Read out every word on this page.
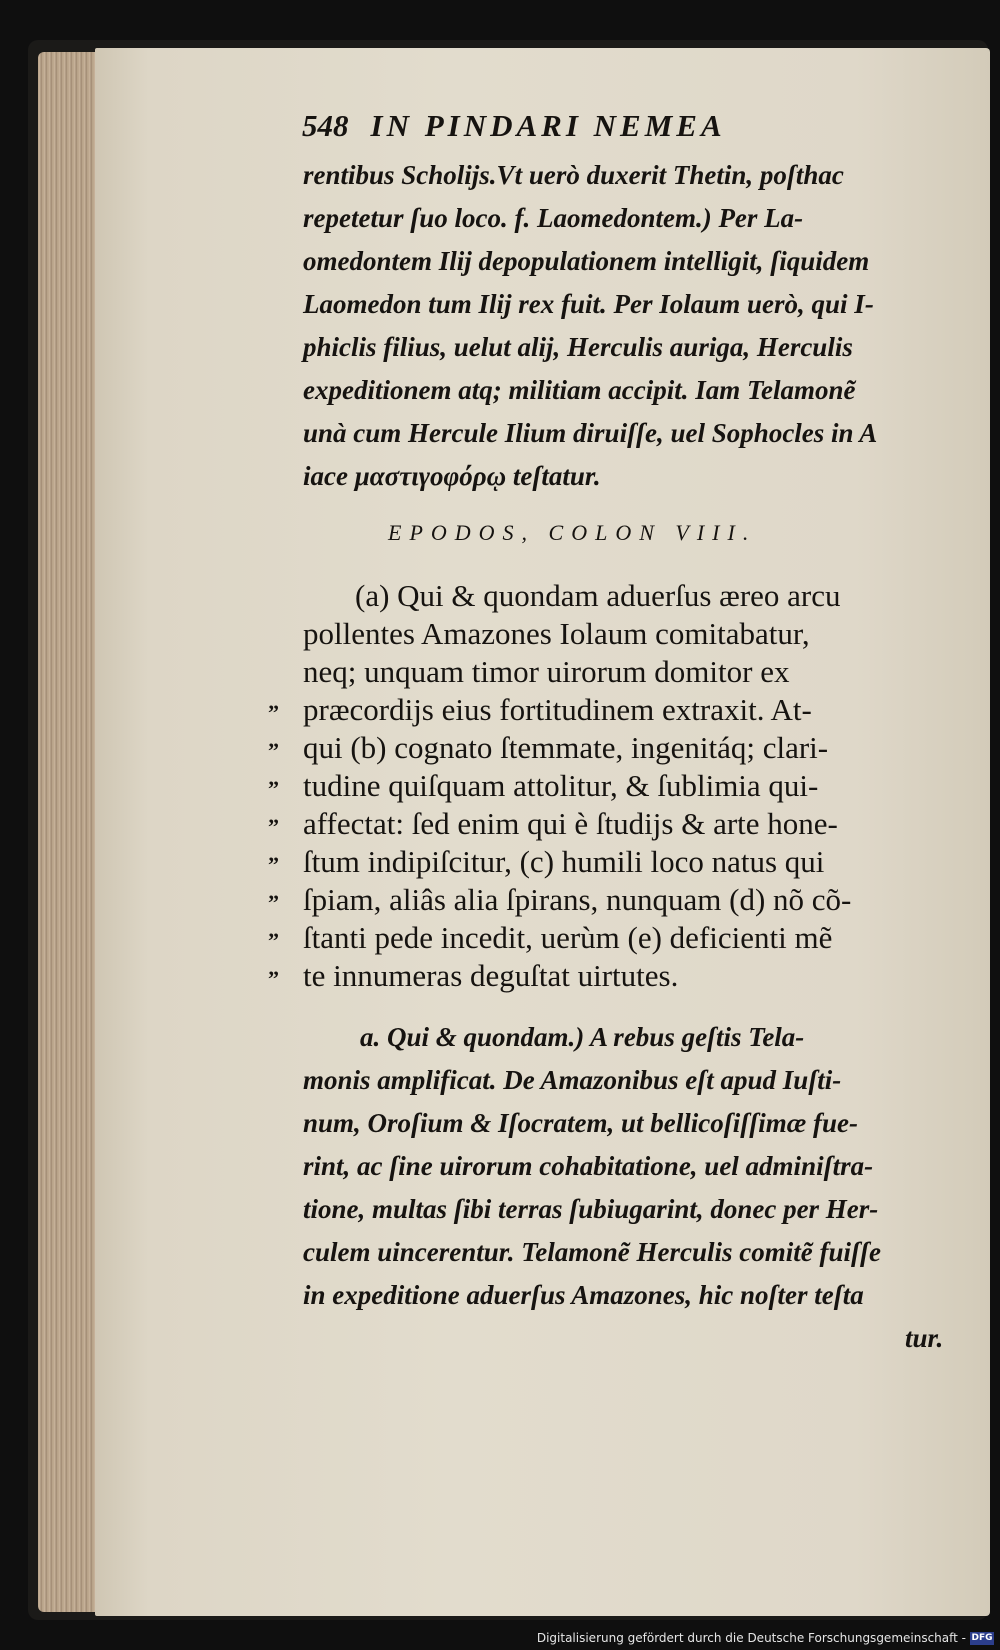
548 IN PINDARI NEMEA
rentibus Scholijs.Vt uerò duxerit Thetin, poſthac
repetetur ſuo loco. f. Laomedontem.) Per La-
omedontem Ilij depopulationem intelligit, ſiquidem
Laomedon tum Ilij rex fuit. Per Iolaum uerò, qui I-
phiclis filius, uelut alij, Herculis auriga, Herculis
expeditionem atq; militiam accipit. Iam Telamonẽ
unà cum Hercule Ilium diruiſſe, uel Sophocles in A
iace μαστιγοφόρῳ teſtatur.
EPODOS, COLON VIII.
(a) Qui & quondam aduerſus æreo arcu
pollentes Amazones Iolaum comitabatur,
neq; unquam timor uirorum domitor ex
” præcordijs eius fortitudinem extraxit. At-
” qui (b) cognato ſtemmate, ingenitáq; clari-
” tudine quiſquam attolitur, & ſublimia qui-
” affectat: ſed enim qui è ſtudijs & arte hone-
” ſtum indipiſcitur, (c) humili loco natus qui
” ſpiam, aliâs alia ſpirans, nunquam (d) nõ cõ-
” ſtanti pede incedit, uerùm (e) deficienti mẽ
” te innumeras deguſtat uirtutes.
a. Qui & quondam.) A rebus geſtis Tela-
monis amplificat. De Amazonibus eſt apud Iuſti-
num, Oroſium & Iſocratem, ut bellicoſiſſimæ fue-
rint, ac ſine uirorum cohabitatione, uel adminiſtra-
tione, multas ſibi terras ſubiugarint, donec per Her-
culem uincerentur. Telamonẽ Herculis comitẽ fuiſſe
in expeditione aduerſus Amazones, hic noſter teſta
tur.
Digitalisierung gefördert durch die Deutsche Forschungsgemeinschaft - DFG
